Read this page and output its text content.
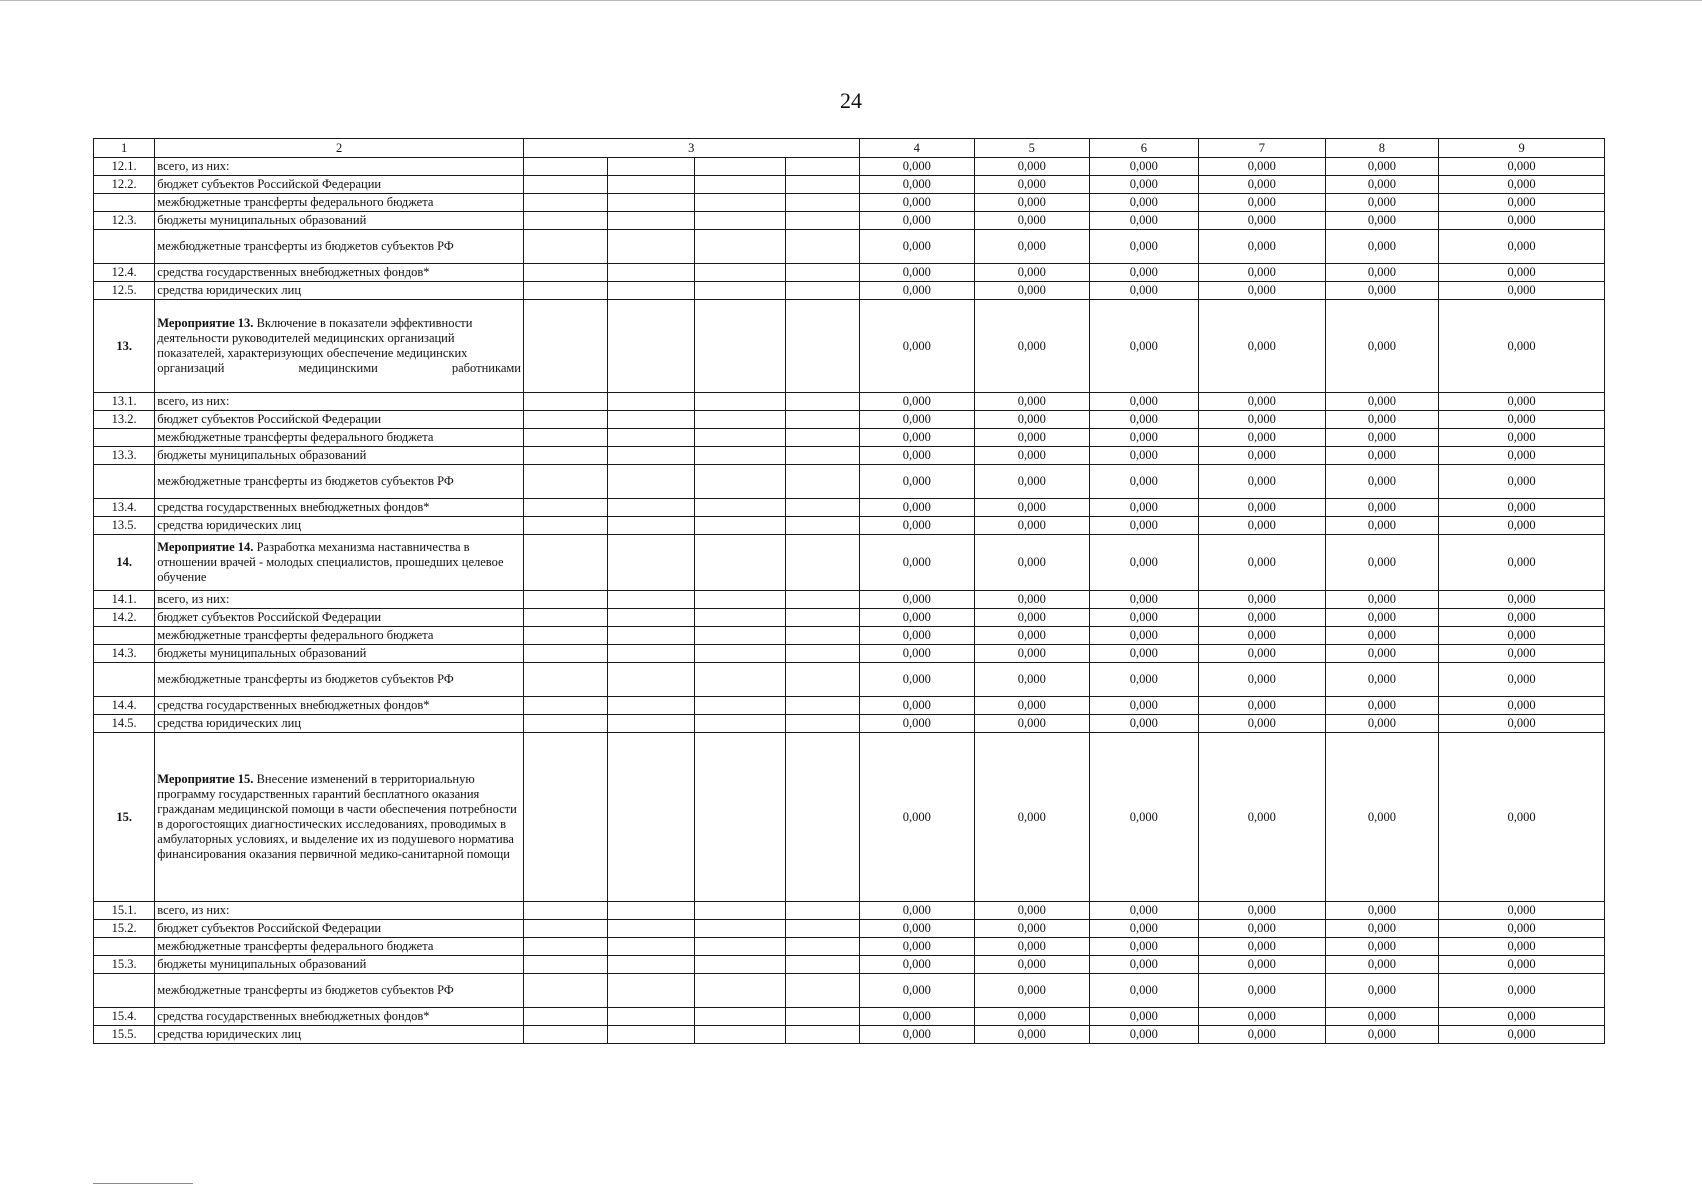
24
1	2	3				4	5	6	7	8	9
12.1.	всего, из них:					0,000	0,000	0,000	0,000	0,000	0,000
12.2.	бюджет субъектов Российской Федерации					0,000	0,000	0,000	0,000	0,000	0,000
	межбюджетные трансферты федерального бюджета					0,000	0,000	0,000	0,000	0,000	0,000
12.3.	бюджеты муниципальных образований					0,000	0,000	0,000	0,000	0,000	0,000
	межбюджетные трансферты из бюджетов субъектов РФ					0,000	0,000	0,000	0,000	0,000	0,000
12.4.	средства государственных внебюджетных фондов*					0,000	0,000	0,000	0,000	0,000	0,000
12.5.	средства юридических лиц					0,000	0,000	0,000	0,000	0,000	0,000
13.	Мероприятие 13. Включение в показатели эффективности деятельности руководителей медицинских организаций показателей, характеризующих обеспечение медицинских организаций медицинскими работниками					0,000	0,000	0,000	0,000	0,000	0,000
13.1.	всего, из них:					0,000	0,000	0,000	0,000	0,000	0,000
13.2.	бюджет субъектов Российской Федерации					0,000	0,000	0,000	0,000	0,000	0,000
	межбюджетные трансферты федерального бюджета					0,000	0,000	0,000	0,000	0,000	0,000
13.3.	бюджеты муниципальных образований					0,000	0,000	0,000	0,000	0,000	0,000
	межбюджетные трансферты из бюджетов субъектов РФ					0,000	0,000	0,000	0,000	0,000	0,000
13.4.	средства государственных внебюджетных фондов*					0,000	0,000	0,000	0,000	0,000	0,000
13.5.	средства юридических лиц					0,000	0,000	0,000	0,000	0,000	0,000
14.	Мероприятие 14. Разработка механизма наставничества в отношении врачей - молодых специалистов, прошедших целевое обучение					0,000	0,000	0,000	0,000	0,000	0,000
14.1.	всего, из них:					0,000	0,000	0,000	0,000	0,000	0,000
14.2.	бюджет субъектов Российской Федерации					0,000	0,000	0,000	0,000	0,000	0,000
	межбюджетные трансферты федерального бюджета					0,000	0,000	0,000	0,000	0,000	0,000
14.3.	бюджеты муниципальных образований					0,000	0,000	0,000	0,000	0,000	0,000
	межбюджетные трансферты из бюджетов субъектов РФ					0,000	0,000	0,000	0,000	0,000	0,000
14.4.	средства государственных внебюджетных фондов*					0,000	0,000	0,000	0,000	0,000	0,000
14.5.	средства юридических лиц					0,000	0,000	0,000	0,000	0,000	0,000
15.	Мероприятие 15. Внесение изменений в территориальную программу государственных гарантий бесплатного оказания гражданам медицинской помощи в части обеспечения потребности в дорогостоящих диагностических исследованиях, проводимых в амбулаторных условиях, и выделение их из подушевого норматива финансирования оказания первичной медико-санитарной помощи					0,000	0,000	0,000	0,000	0,000	0,000
15.1.	всего, из них:					0,000	0,000	0,000	0,000	0,000	0,000
15.2.	бюджет субъектов Российской Федерации					0,000	0,000	0,000	0,000	0,000	0,000
	межбюджетные трансферты федерального бюджета					0,000	0,000	0,000	0,000	0,000	0,000
15.3.	бюджеты муниципальных образований					0,000	0,000	0,000	0,000	0,000	0,000
	межбюджетные трансферты из бюджетов субъектов РФ					0,000	0,000	0,000	0,000	0,000	0,000
15.4.	средства государственных внебюджетных фондов*					0,000	0,000	0,000	0,000	0,000	0,000
15.5.	средства юридических лиц					0,000	0,000	0,000	0,000	0,000	0,000
